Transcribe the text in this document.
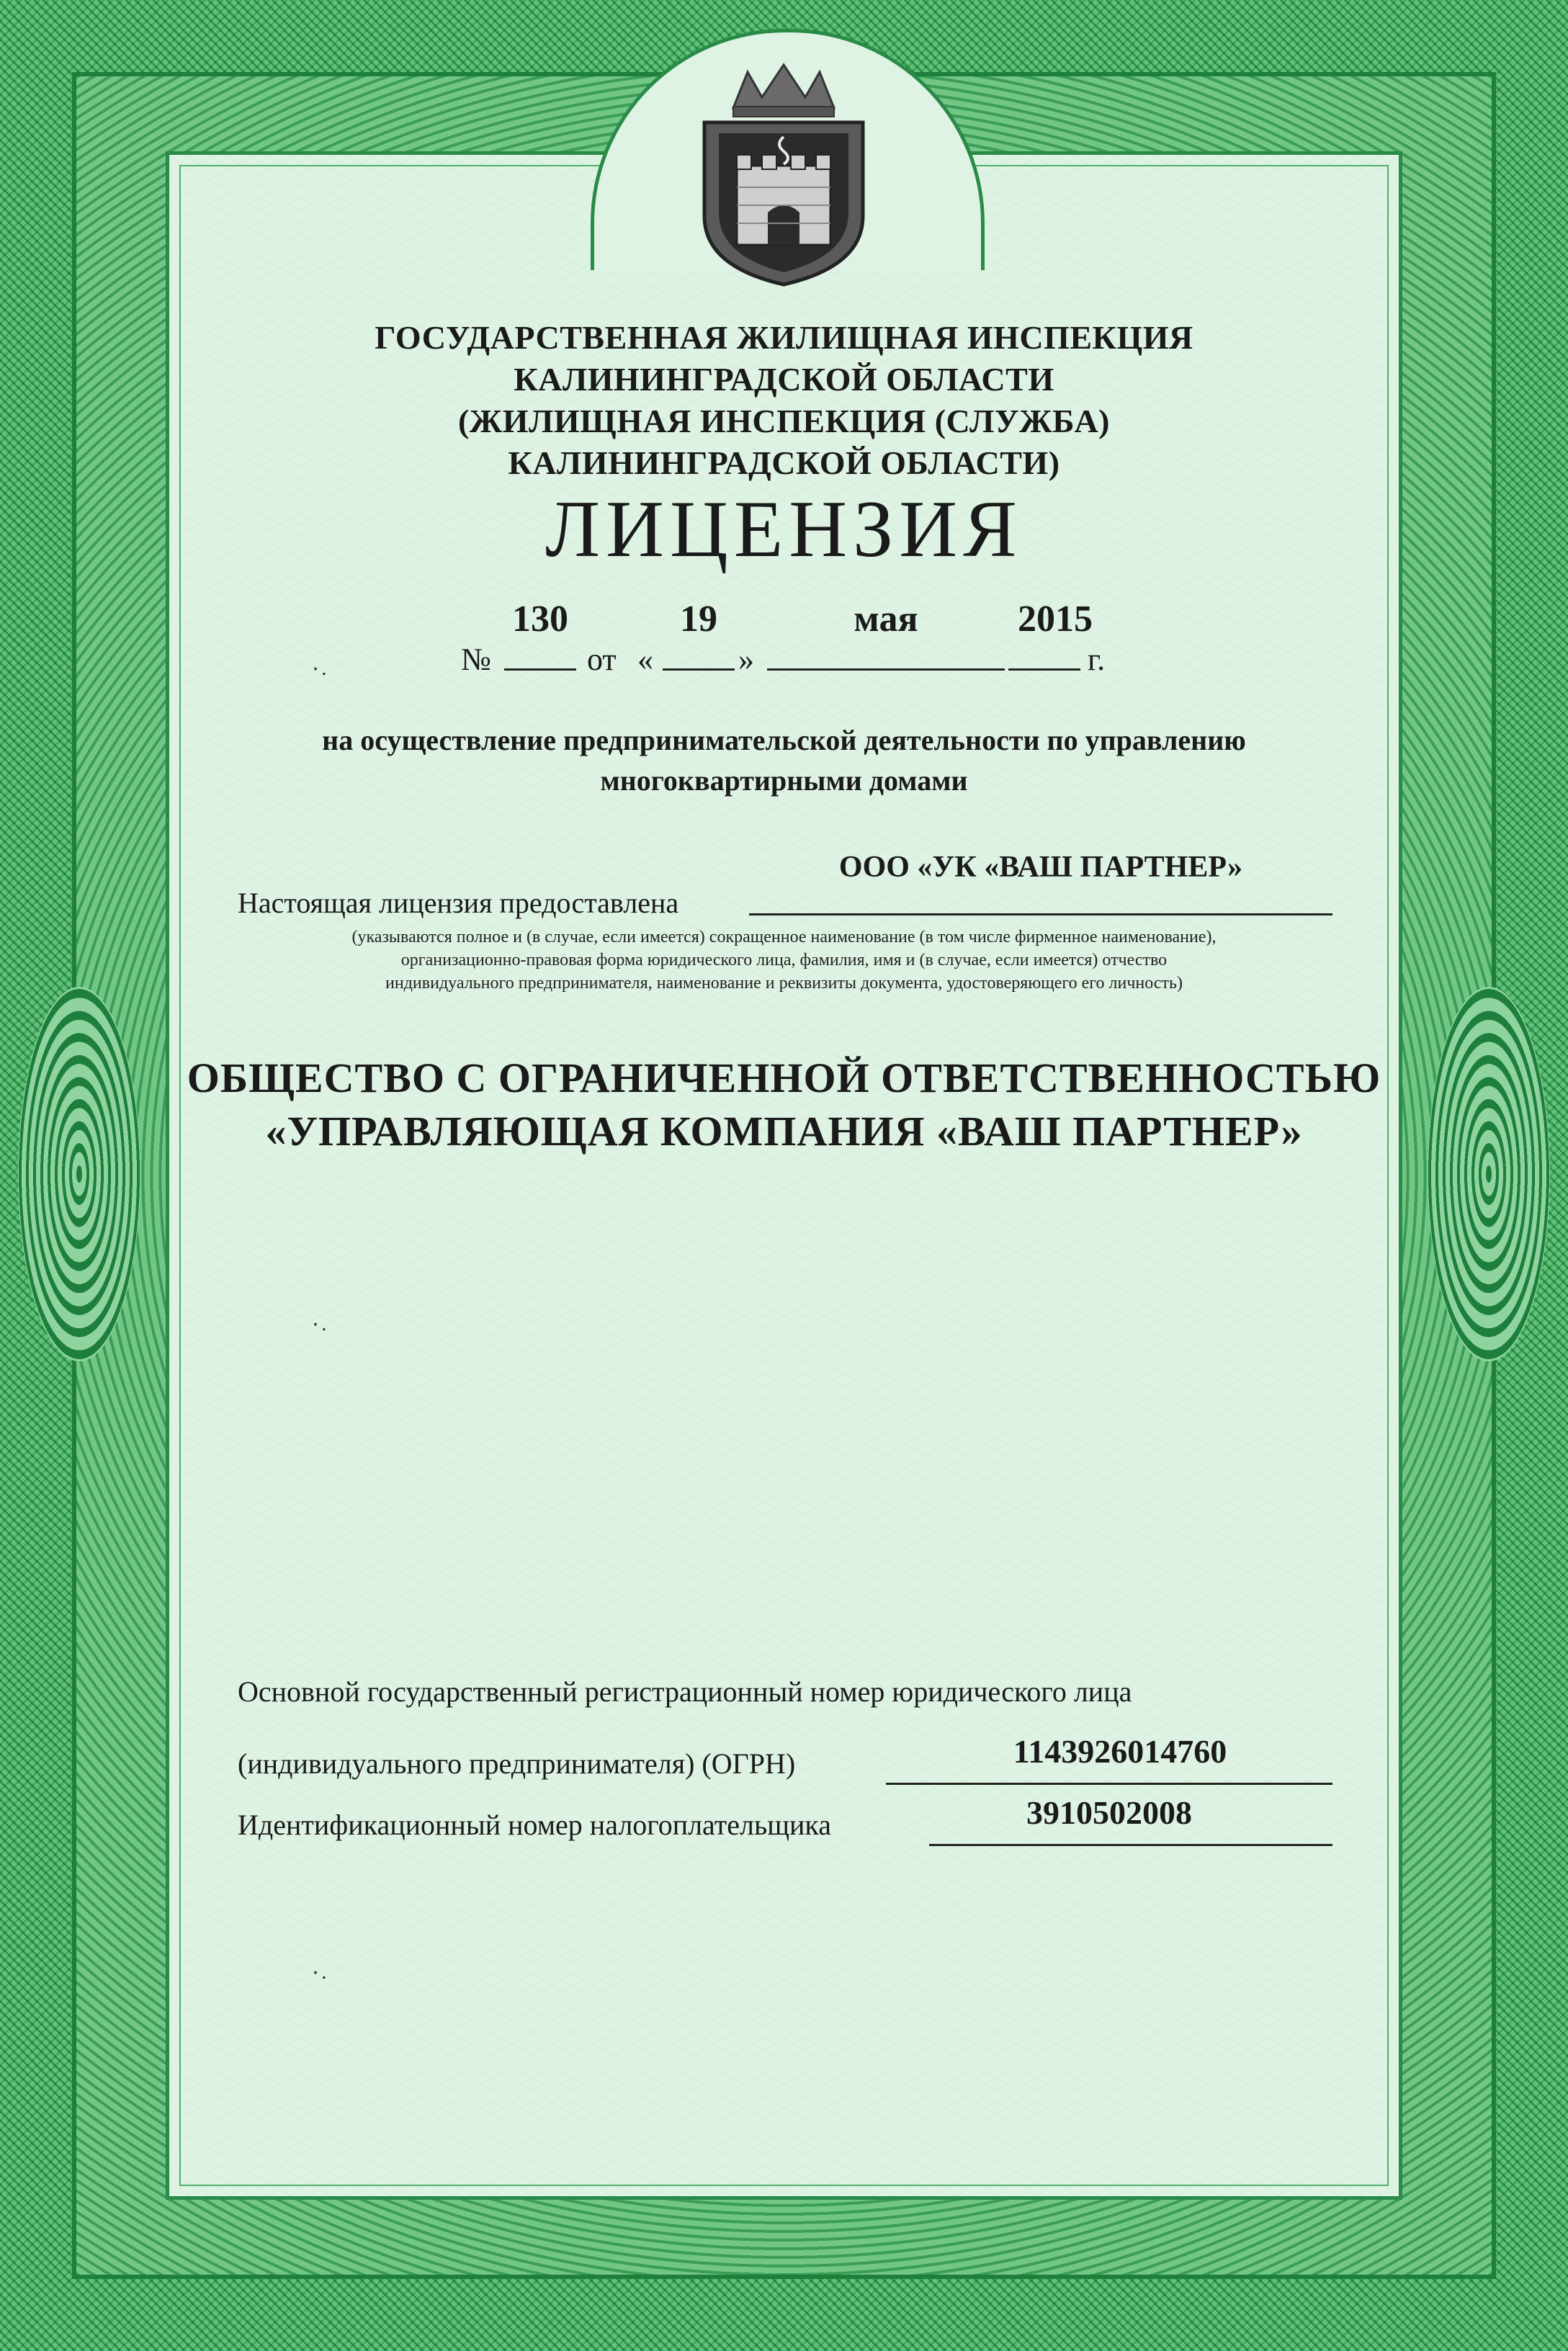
ГОСУДАРСТВЕННАЯ ЖИЛИЩНАЯ ИНСПЕКЦИЯ
КАЛИНИНГРАДСКОЙ ОБЛАСТИ
(ЖИЛИЩНАЯ ИНСПЕКЦИЯ (СЛУЖБА)
КАЛИНИНГРАДСКОЙ ОБЛАСТИ)
ЛИЦЕНЗИЯ
№
130
от «
19
»
мая	2015
г.
на осуществление предпринимательской деятельности по управлению
многоквартирными домами
Настоящая лицензия предоставлена
ООО «УК «ВАШ ПАРТНЕР»
(указываются полное и (в случае, если имеется) сокращенное наименование (в том числе фирменное наименование),
организационно-правовая форма юридического лица, фамилия, имя и (в случае, если имеется) отчество
индивидуального предпринимателя, наименование и реквизиты документа, удостоверяющего его личность)
ОБЩЕСТВО С ОГРАНИЧЕННОЙ ОТВЕТСТВЕННОСТЬЮ
«УПРАВЛЯЮЩАЯ КОМПАНИЯ «ВАШ ПАРТНЕР»
٠.
٠.
٠.
Основной государственный регистрационный номер юридического лица
(индивидуального предпринимателя) (ОГРН)	1143926014760
Идентификационный номер налогоплательщика	3910502008
